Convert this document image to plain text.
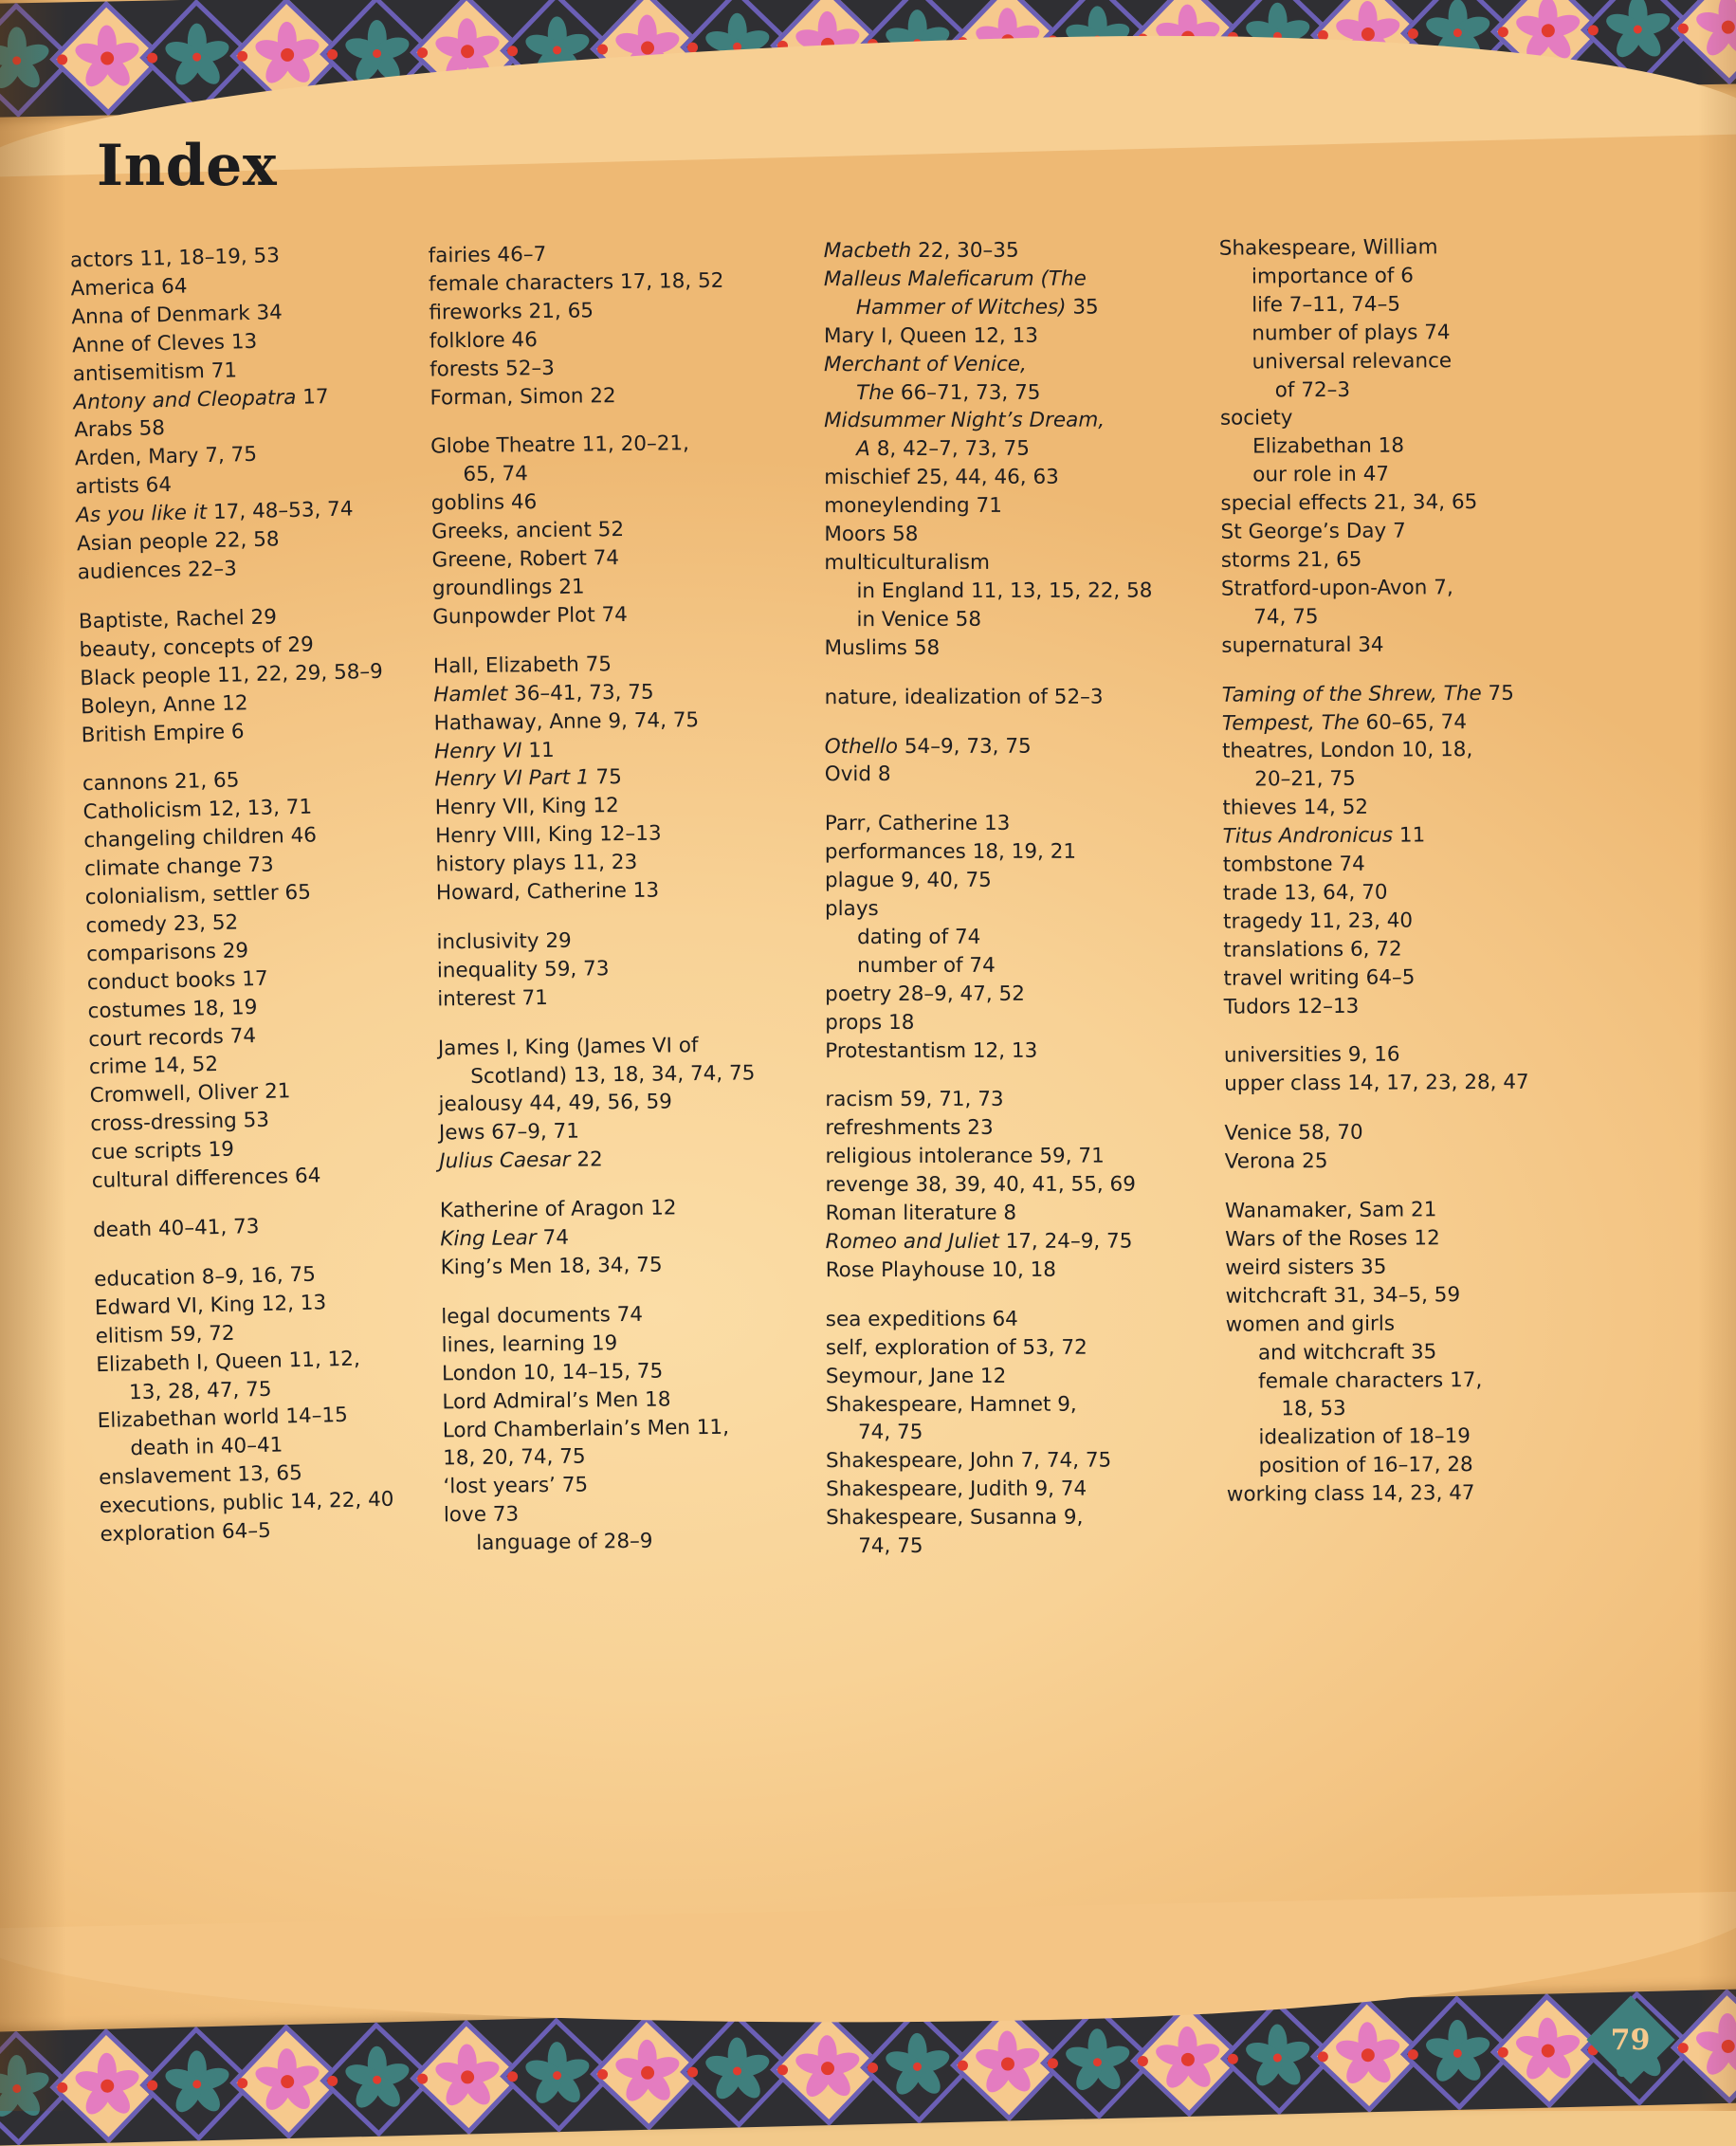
Index
actors 11, 18–19, 53
America 64
Anna of Denmark 34
Anne of Cleves 13
antisemitism 71
Antony and Cleopatra 17
Arabs 58
Arden, Mary 7, 75
artists 64
As you like it 17, 48–53, 74
Asian people 22, 58
audiences 22–3
Baptiste, Rachel 29
beauty, concepts of 29
Black people 11, 22, 29, 58–9
Boleyn, Anne 12
British Empire 6
cannons 21, 65
Catholicism 12, 13, 71
changeling children 46
climate change 73
colonialism, settler 65
comedy 23, 52
comparisons 29
conduct books 17
costumes 18, 19
court records 74
crime 14, 52
Cromwell, Oliver 21
cross-dressing 53
cue scripts 19
cultural differences 64
death 40–41, 73
education 8–9, 16, 75
Edward VI, King 12, 13
elitism 59, 72
Elizabeth I, Queen 11, 12,
13, 28, 47, 75
Elizabethan world 14–15
death in 40–41
enslavement 13, 65
executions, public 14, 22, 40
exploration 64–5
fairies 46–7
female characters 17, 18, 52
fireworks 21, 65
folklore 46
forests 52–3
Forman, Simon 22
Globe Theatre 11, 20–21,
65, 74
goblins 46
Greeks, ancient 52
Greene, Robert 74
groundlings 21
Gunpowder Plot 74
Hall, Elizabeth 75
Hamlet 36–41, 73, 75
Hathaway, Anne 9, 74, 75
Henry VI 11
Henry VI Part 1 75
Henry VII, King 12
Henry VIII, King 12–13
history plays 11, 23
Howard, Catherine 13
inclusivity 29
inequality 59, 73
interest 71
James I, King (James VI of
Scotland) 13, 18, 34, 74, 75
jealousy 44, 49, 56, 59
Jews 67–9, 71
Julius Caesar 22
Katherine of Aragon 12
King Lear 74
King’s Men 18, 34, 75
legal documents 74
lines, learning 19
London 10, 14–15, 75
Lord Admiral’s Men 18
Lord Chamberlain’s Men 11,
18, 20, 74, 75
‘lost years’ 75
love 73
language of 28–9
Macbeth 22, 30–35
Malleus Maleficarum (The
Hammer of Witches) 35
Mary I, Queen 12, 13
Merchant of Venice,
The 66–71, 73, 75
Midsummer Night’s Dream,
A 8, 42–7, 73, 75
mischief 25, 44, 46, 63
moneylending 71
Moors 58
multiculturalism
in England 11, 13, 15, 22, 58
in Venice 58
Muslims 58
nature, idealization of 52–3
Othello 54–9, 73, 75
Ovid 8
Parr, Catherine 13
performances 18, 19, 21
plague 9, 40, 75
plays
dating of 74
number of 74
poetry 28–9, 47, 52
props 18
Protestantism 12, 13
racism 59, 71, 73
refreshments 23
religious intolerance 59, 71
revenge 38, 39, 40, 41, 55, 69
Roman literature 8
Romeo and Juliet 17, 24–9, 75
Rose Playhouse 10, 18
sea expeditions 64
self, exploration of 53, 72
Seymour, Jane 12
Shakespeare, Hamnet 9,
74, 75
Shakespeare, John 7, 74, 75
Shakespeare, Judith 9, 74
Shakespeare, Susanna 9,
74, 75
Shakespeare, William
importance of 6
life 7–11, 74–5
number of plays 74
universal relevance
of 72–3
society
Elizabethan 18
our role in 47
special effects 21, 34, 65
St George’s Day 7
storms 21, 65
Stratford-upon-Avon 7,
74, 75
supernatural 34
Taming of the Shrew, The 75
Tempest, The 60–65, 74
theatres, London 10, 18,
20–21, 75
thieves 14, 52
Titus Andronicus 11
tombstone 74
trade 13, 64, 70
tragedy 11, 23, 40
translations 6, 72
travel writing 64–5
Tudors 12–13
universities 9, 16
upper class 14, 17, 23, 28, 47
Venice 58, 70
Verona 25
Wanamaker, Sam 21
Wars of the Roses 12
weird sisters 35
witchcraft 31, 34–5, 59
women and girls
and witchcraft 35
female characters 17,
18, 53
idealization of 18–19
position of 16–17, 28
working class 14, 23, 47
79
